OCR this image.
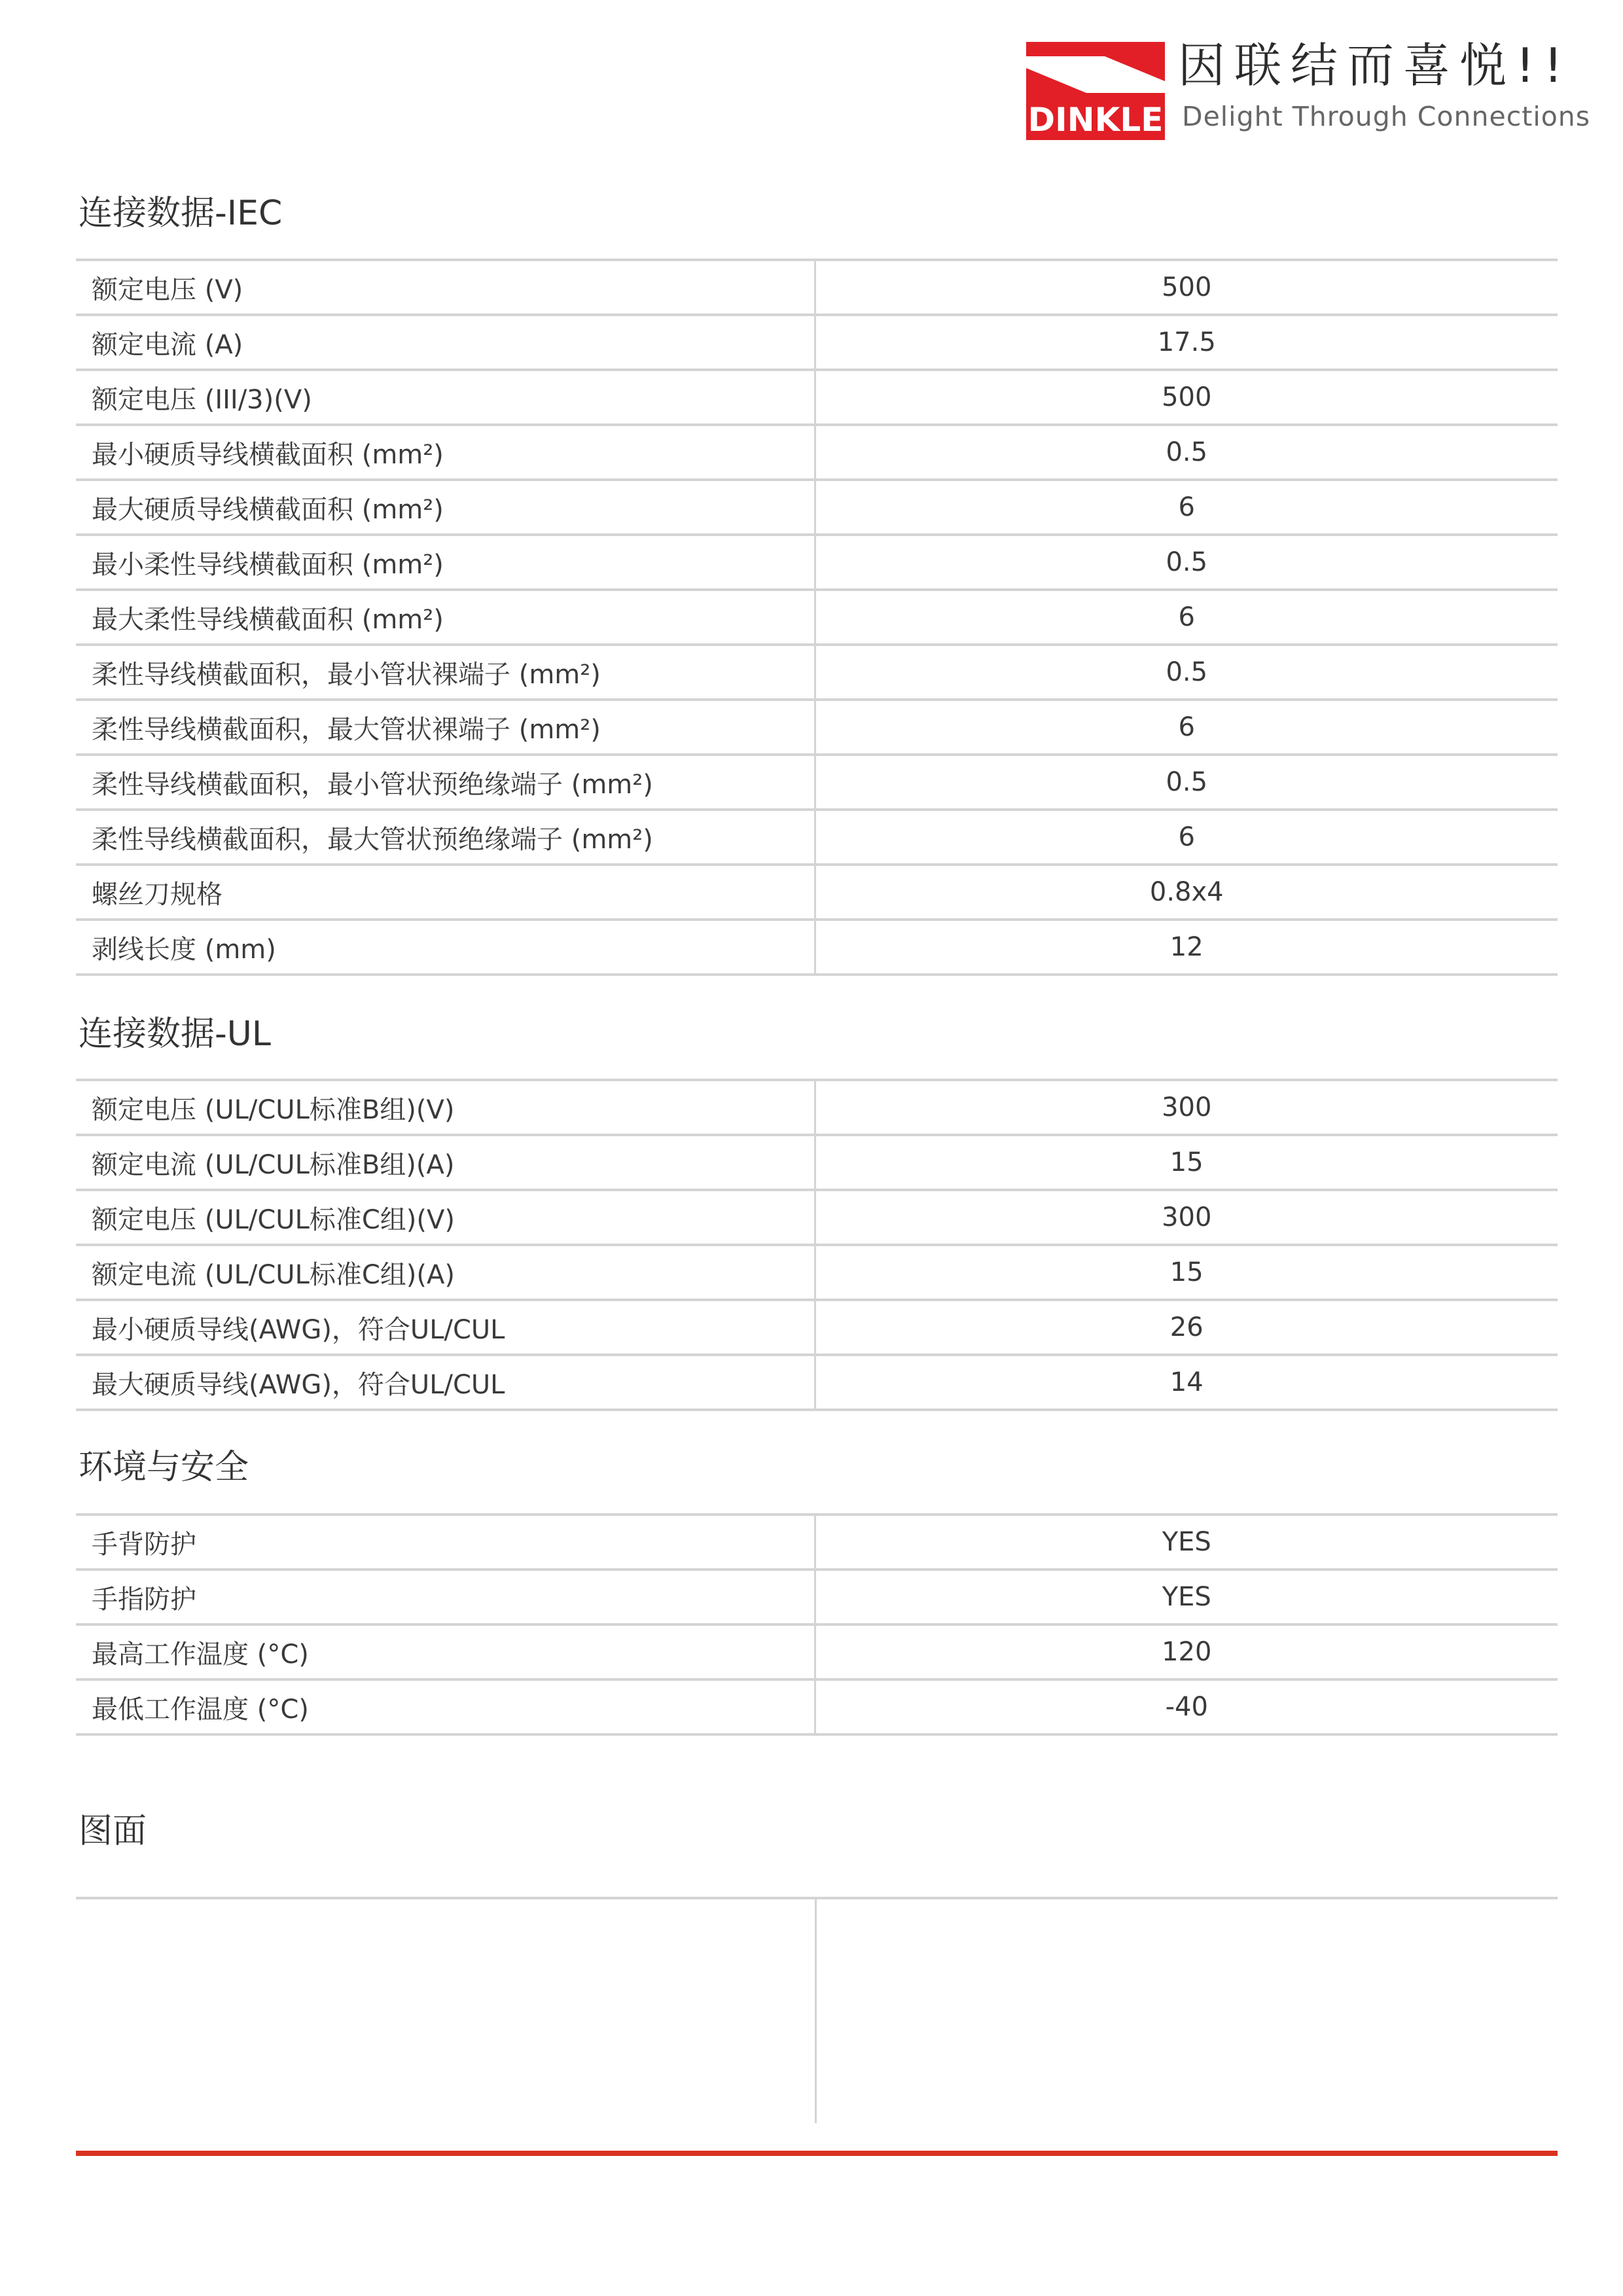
DINKLE
因联结而喜悦!!
Delight Through Connections
连接数据-IEC
额定电压 (V)	500
额定电流 (A)	17.5
额定电压 (III/3)(V)	500
最小硬质导线横截面积 (mm²)	0.5
最大硬质导线横截面积 (mm²)	6
最小柔性导线横截面积 (mm²)	0.5
最大柔性导线横截面积 (mm²)	6
柔性导线横截面积，最小管状裸端子 (mm²)	0.5
柔性导线横截面积，最大管状裸端子 (mm²)	6
柔性导线横截面积，最小管状预绝缘端子 (mm²)	0.5
柔性导线横截面积，最大管状预绝缘端子 (mm²)	6
螺丝刀规格	0.8x4
剥线长度 (mm)	12
连接数据-UL
额定电压 (UL/CUL标准B组)(V)	300
额定电流 (UL/CUL标准B组)(A)	15
额定电压 (UL/CUL标准C组)(V)	300
额定电流 (UL/CUL标准C组)(A)	15
最小硬质导线(AWG)，符合UL/CUL	26
最大硬质导线(AWG)，符合UL/CUL	14
环境与安全
手背防护	YES
手指防护	YES
最高工作温度 (°C)	120
最低工作温度 (°C)	-40
图面
